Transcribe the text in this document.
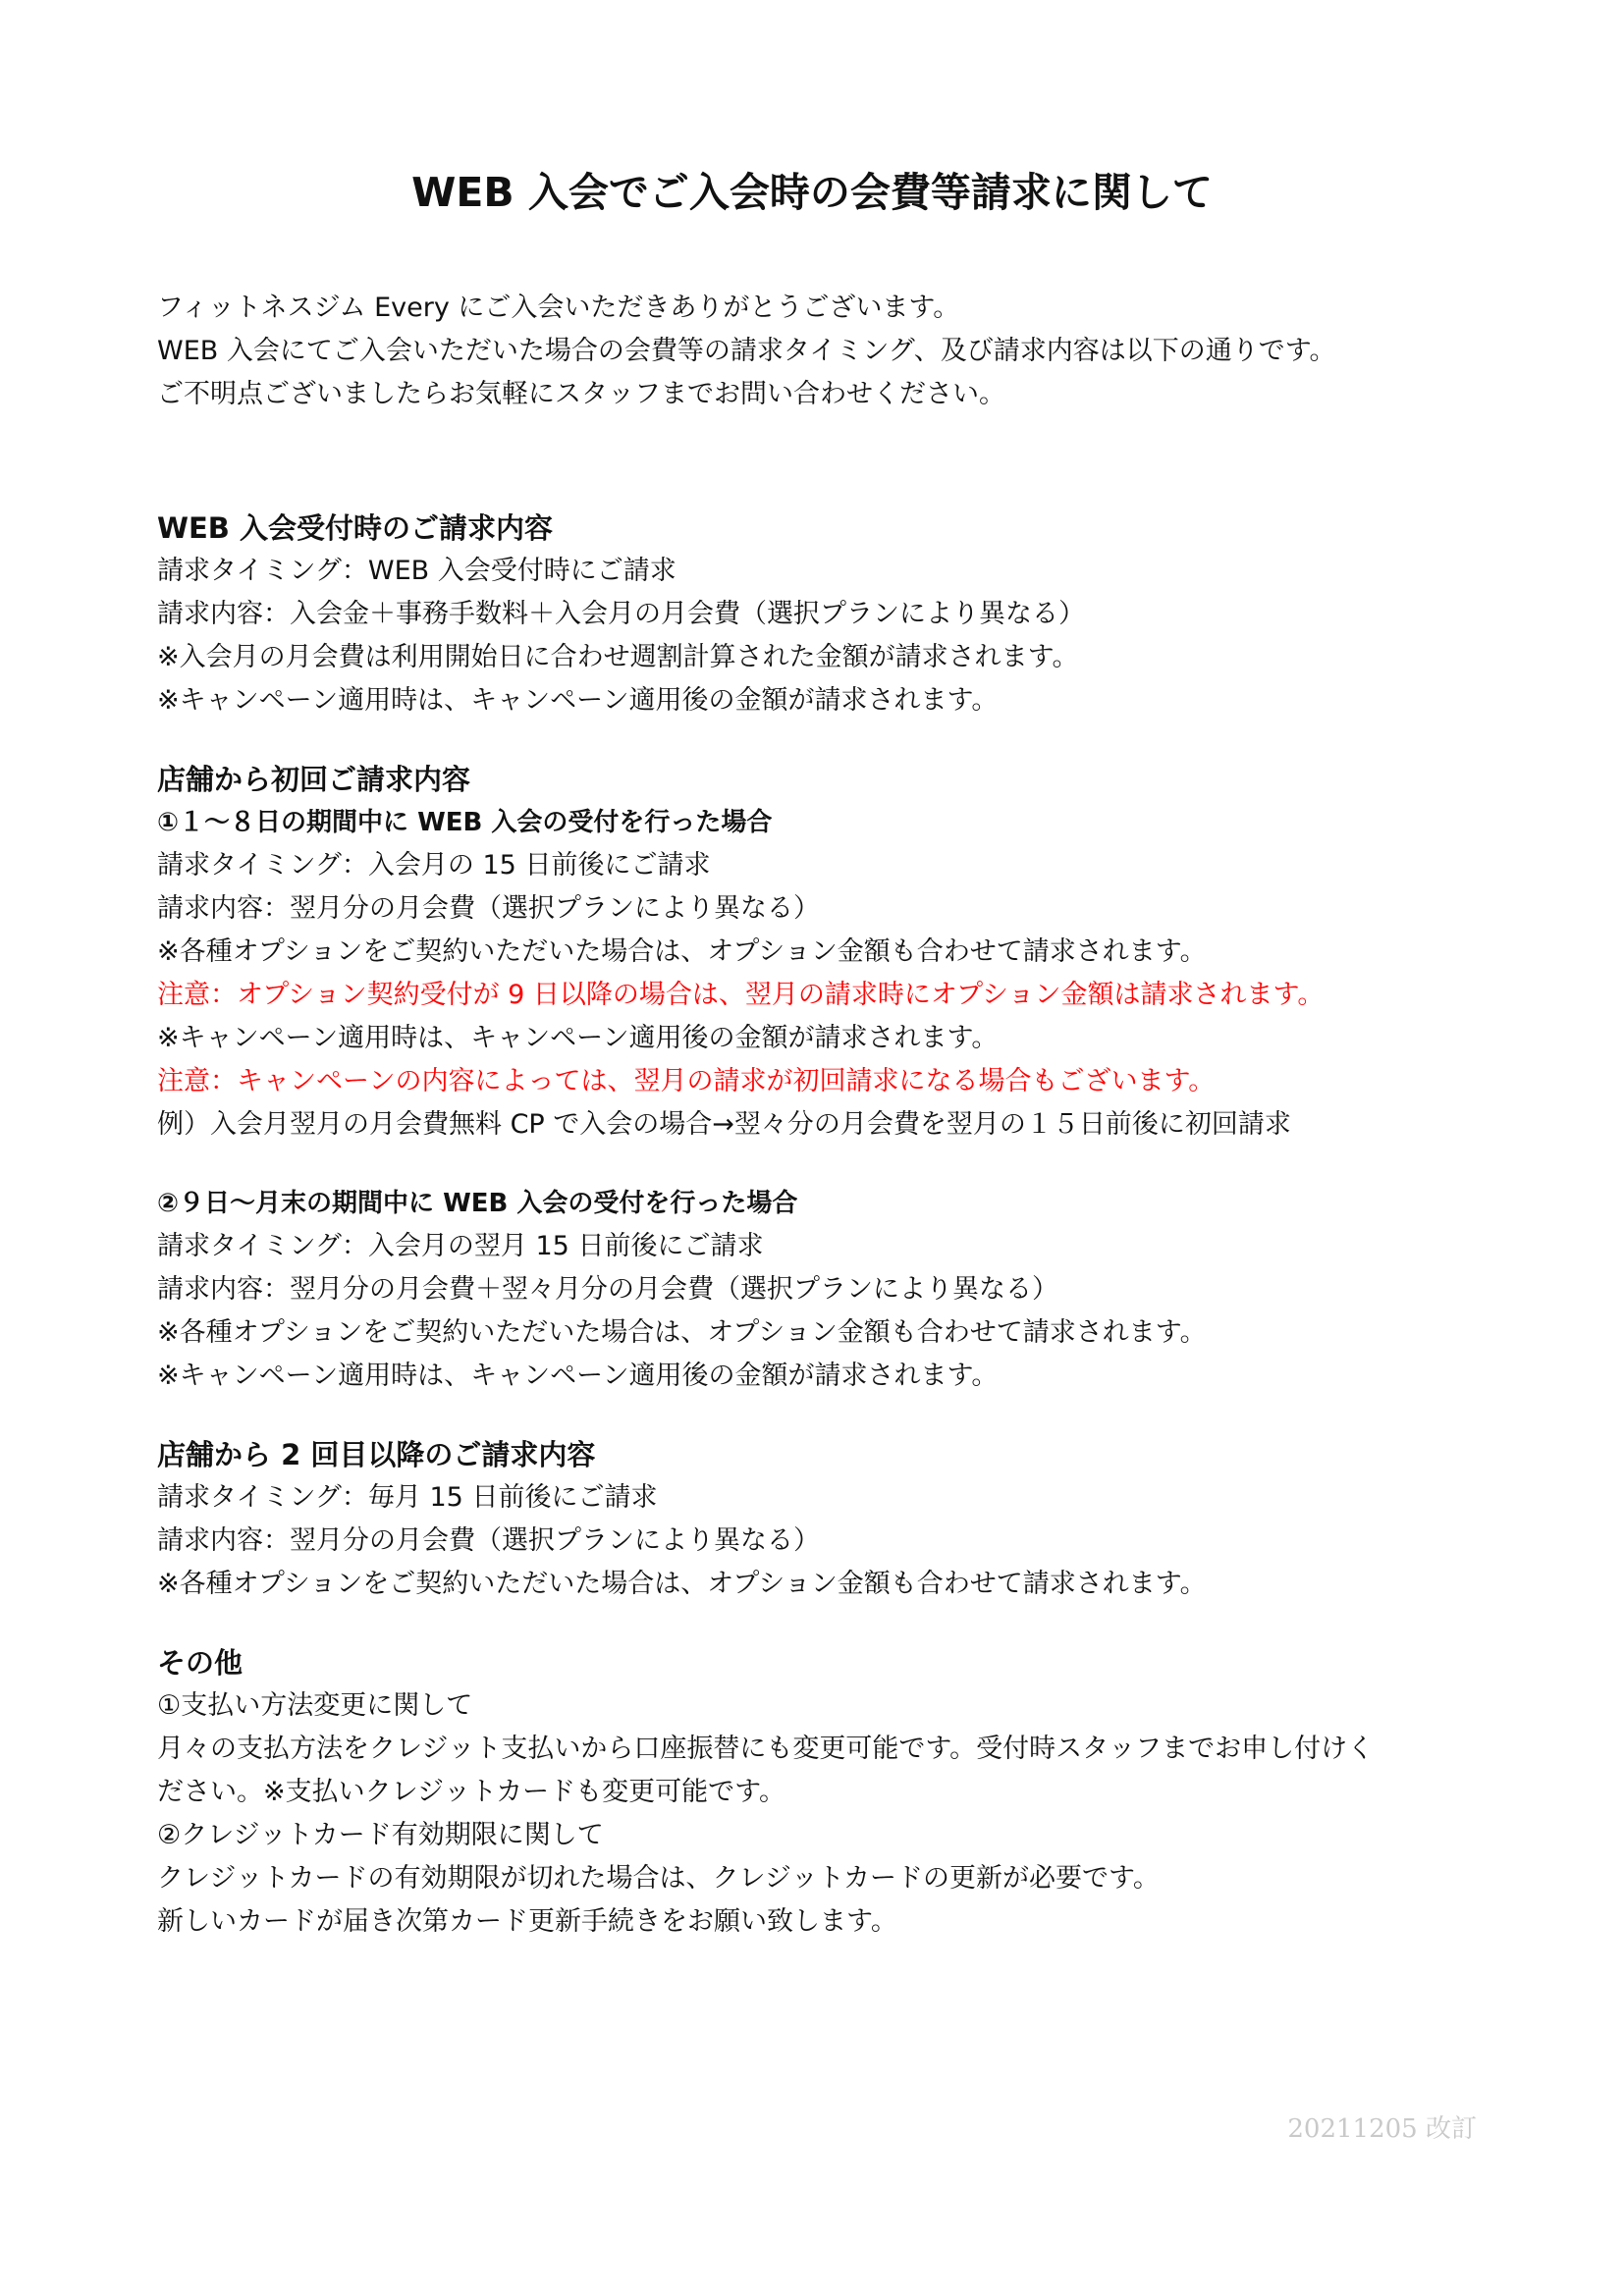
WEB 入会でご入会時の会費等請求に関して

フィットネスジム Every にご入会いただきありがとうございます。

WEB 入会にてご入会いただいた場合の会費等の請求タイミング、及び請求内容は以下の通りです。

ご不明点ございましたらお気軽にスタッフまでお問い合わせください。

WEB 入会受付時のご請求内容

請求タイミング：WEB 入会受付時にご請求

請求内容：入会金＋事務手数料＋入会月の月会費（選択プランにより異なる）

※入会月の月会費は利用開始日に合わせ週割計算された金額が請求されます。

※キャンペーン適用時は、キャンペーン適用後の金額が請求されます。

店舗から初回ご請求内容
①１～８日の期間中に WEB 入会の受付を行った場合

請求タイミング：入会月の 15 日前後にご請求

請求内容：翌月分の月会費（選択プランにより異なる）

※各種オプションをご契約いただいた場合は、オプション金額も合わせて請求されます。

注意：オプション契約受付が 9 日以降の場合は、翌月の請求時にオプション金額は請求されます。

※キャンペーン適用時は、キャンペーン適用後の金額が請求されます。

注意：キャンペーンの内容によっては、翌月の請求が初回請求になる場合もございます。

例）入会月翌月の月会費無料 CP で入会の場合→翌々分の月会費を翌月の１５日前後に初回請求

②９日～月末の期間中に WEB 入会の受付を行った場合

請求タイミング：入会月の翌月 15 日前後にご請求

請求内容：翌月分の月会費＋翌々月分の月会費（選択プランにより異なる）

※各種オプションをご契約いただいた場合は、オプション金額も合わせて請求されます。

※キャンペーン適用時は、キャンペーン適用後の金額が請求されます。

店舗から 2 回目以降のご請求内容

請求タイミング：毎月 15 日前後にご請求

請求内容：翌月分の月会費（選択プランにより異なる）

※各種オプションをご契約いただいた場合は、オプション金額も合わせて請求されます。

その他

①支払い方法変更に関して

月々の支払方法をクレジット支払いから口座振替にも変更可能です。受付時スタッフまでお申し付けく

ださい。※支払いクレジットカードも変更可能です。

②クレジットカード有効期限に関して

クレジットカードの有効期限が切れた場合は、クレジットカードの更新が必要です。

新しいカードが届き次第カード更新手続きをお願い致します。

20211205 改訂
